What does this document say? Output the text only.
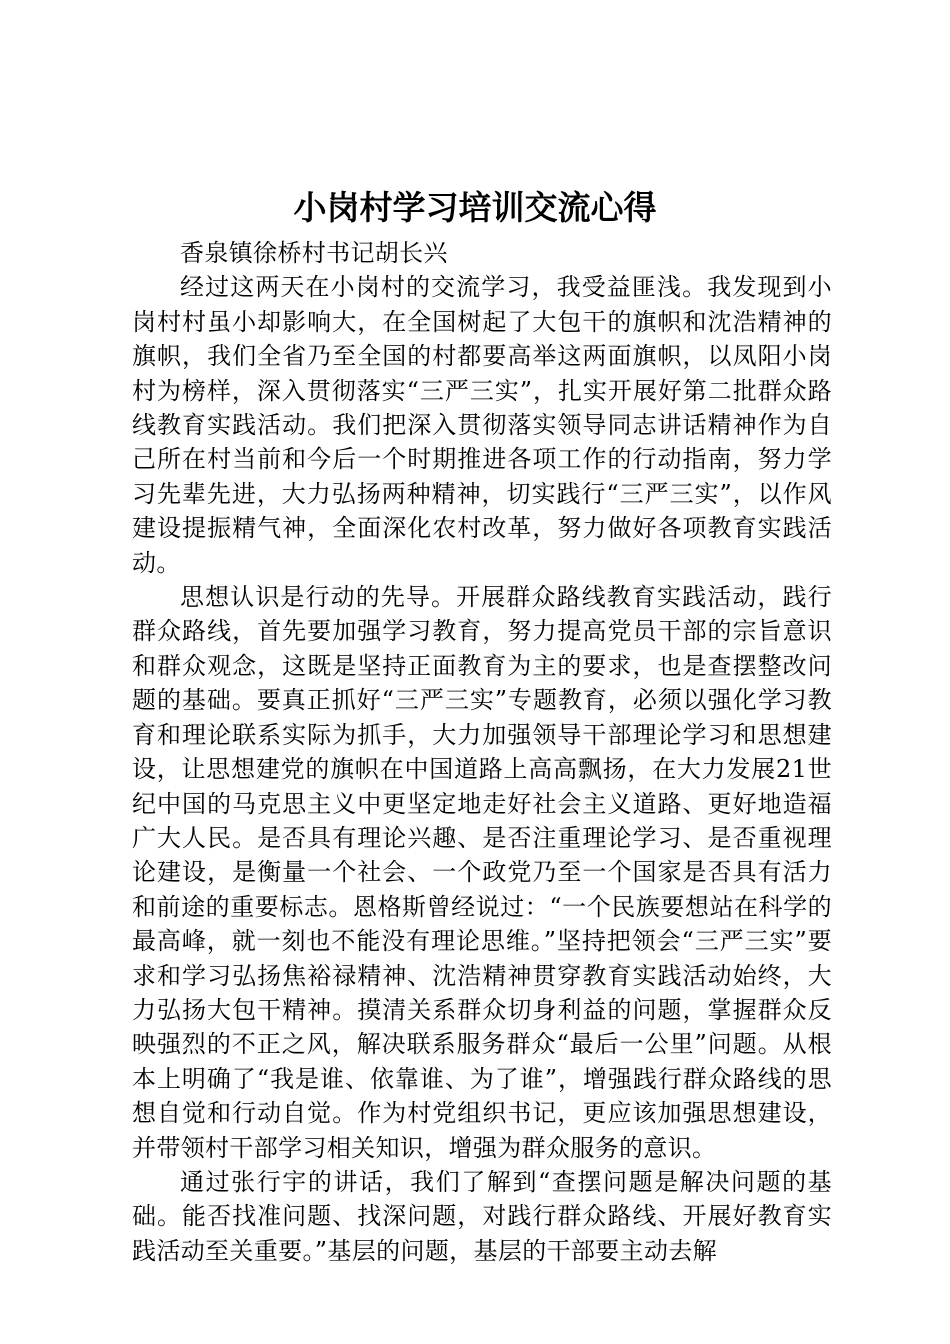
小岗村学习培训交流心得
香泉镇徐桥村书记胡长兴

经过这两天在小岗村的交流学习，我受益匪浅。我发现到小岗村村虽小却影响大，在全国树起了大包干的旗帜和沈浩精神的旗帜，我们全省乃至全国的村都要高举这两面旗帜，以凤阳小岗村为榜样，深入贯彻落实“三严三实”，扎实开展好第二批群众路线教育实践活动。我们把深入贯彻落实领导同志讲话精神作为自己所在村当前和今后一个时期推进各项工作的行动指南，努力学习先辈先进，大力弘扬两种精神，切实践行“三严三实”，以作风建设提振精气神，全面深化农村改革，努力做好各项教育实践活动。

思想认识是行动的先导。开展群众路线教育实践活动，践行群众路线，首先要加强学习教育，努力提高党员干部的宗旨意识和群众观念，这既是坚持正面教育为主的要求，也是查摆整改问题的基础。要真正抓好“三严三实”专题教育，必须以强化学习教育和理论联系实际为抓手，大力加强领导干部理论学习和思想建设，让思想建党的旗帜在中国道路上高高飘扬，在大力发展21世纪中国的马克思主义中更坚定地走好社会主义道路、更好地造福广大人民。是否具有理论兴趣、是否注重理论学习、是否重视理论建设，是衡量一个社会、一个政党乃至一个国家是否具有活力和前途的重要标志。恩格斯曾经说过：“一个民族要想站在科学的最高峰，就一刻也不能没有理论思维。”坚持把领会“三严三实”要求和学习弘扬焦裕禄精神、沈浩精神贯穿教育实践活动始终，大力弘扬大包干精神。摸清关系群众切身利益的问题，掌握群众反映强烈的不正之风，解决联系服务群众“最后一公里”问题。从根本上明确了“我是谁、依靠谁、为了谁”，增强践行群众路线的思想自觉和行动自觉。作为村党组织书记，更应该加强思想建设，并带领村干部学习相关知识，增强为群众服务的意识。

通过张行宇的讲话，我们了解到“查摆问题是解决问题的基础。能否找准问题、找深问题，对践行群众路线、开展好教育实践活动至关重要。”基层的问题，基层的干部要主动去解
